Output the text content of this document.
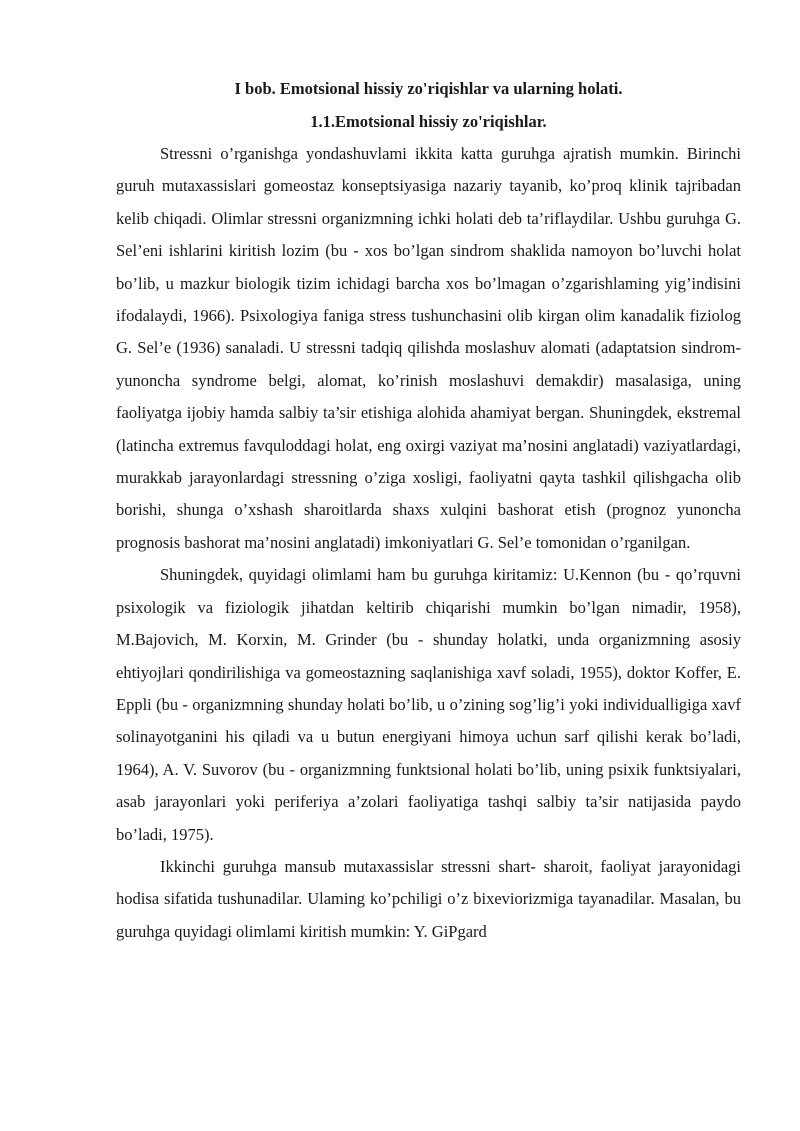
I bob. Emotsional hissiy zo'riqishlar va ularning holati.
1.1.Emotsional hissiy zo'riqishlar.

Stressni o’rganishga yondashuvlami ikkita katta guruhga ajratish mumkin. Birinchi guruh mutaxassislari gomeostaz konseptsiyasiga nazariy tayanib, ko’proq klinik tajribadan kelib chiqadi. Olimlar stressni organizmning ichki holati deb ta’riflaydilar. Ushbu guruhga G. Sel’eni ishlarini kiritish lozim (bu - xos bo’lgan sindrom shaklida namoyon bo’luvchi holat bo’lib, u mazkur biologik tizim ichidagi barcha xos bo’lmagan o’zgarishlaming yig’indisini ifodalaydi, 1966). Psixologiya faniga stress tushunchasini olib kirgan olim kanadalik fiziolog G. Sel’e (1936) sanaladi. U stressni tadqiq qilishda moslashuv alomati (adaptatsion sindrom- yunoncha syndrome belgi, alomat, ko’rinish moslashuvi demakdir) masalasiga, uning faoliyatga ijobiy hamda salbiy ta’sir etishiga alohida ahamiyat bergan. Shuningdek, ekstremal (latincha extremus favquloddagi holat, eng oxirgi vaziyat ma’nosini anglatadi) vaziyatlardagi, murakkab jarayonlardagi stressning o’ziga xosligi, faoliyatni qayta tashkil qilishgacha olib borishi, shunga o’xshash sharoitlarda shaxs xulqini bashorat etish (prognoz yunoncha prognosis bashorat ma’nosini anglatadi) imkoniyatlari G. Sel’e tomonidan o’rganilgan.

Shuningdek, quyidagi olimlami ham bu guruhga kiritamiz: U.Kennon (bu - qo’rquvni psixologik va fiziologik jihatdan keltirib chiqarishi mumkin bo’lgan nimadir, 1958), M.Bajovich, M. Korxin, M. Grinder (bu - shunday holatki, unda organizmning asosiy ehtiyojlari qondirilishiga va gomeostazning saqlanishiga xavf soladi, 1955), doktor Koffer, E. Eppli (bu - organizmning shunday holati bo’lib, u o’zining sog’lig’i yoki individualligiga xavf solinayotganini his qiladi va u butun energiyani himoya uchun sarf qilishi kerak bo’ladi, 1964), A. V. Suvorov (bu - organizmning funktsional holati bo’lib, uning psixik funktsiyalari, asab jarayonlari yoki periferiya a’zolari faoliyatiga tashqi salbiy ta’sir natijasida paydo bo’ladi, 1975).

Ikkinchi guruhga mansub mutaxassislar stressni shart- sharoit, faoliyat jarayonidagi hodisa sifatida tushunadilar. Ulaming ko’pchiligi o’z bixeviorizmiga tayanadilar. Masalan, bu guruhga quyidagi olimlami kiritish mumkin: Y. GiPgard
